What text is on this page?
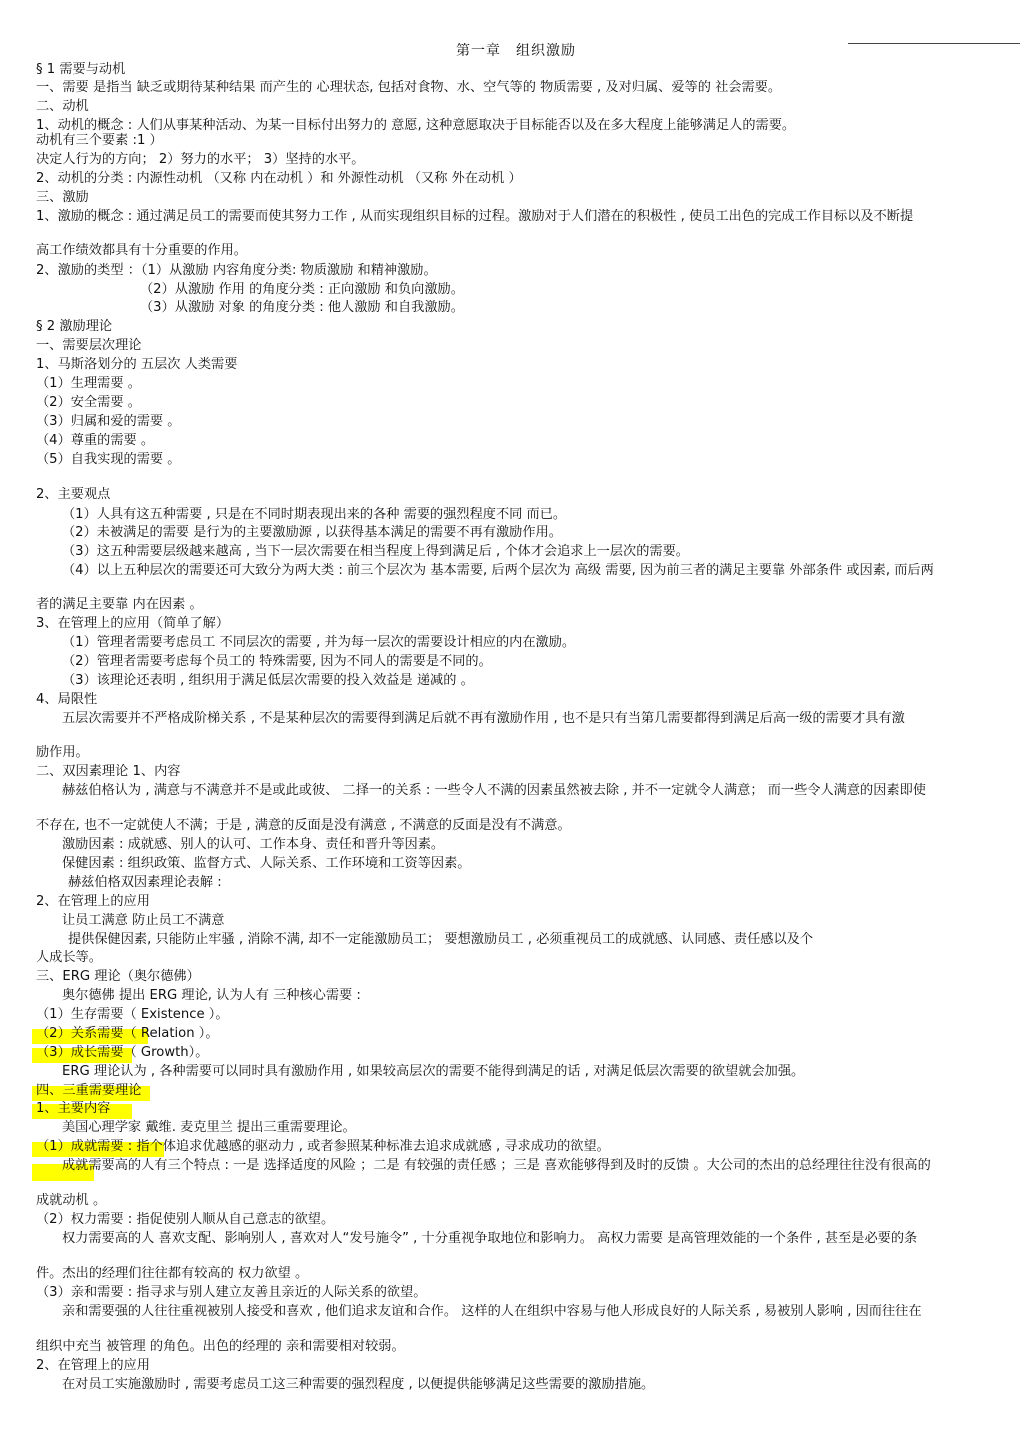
第一章　组织激励
§ 1 需要与动机
一、需要 是指当 缺乏或期待某种结果 而产生的 心理状态, 包括对食物、水、空气等的 物质需要 , 及对归属、爱等的 社会需要。
二、动机
1、动机的概念 : 人们从事某种活动、为某一目标付出努力的 意愿, 这种意愿取决于目标能否以及在多大程度上能够满足人的需要。
动机有三个要素 :1 ）
决定人行为的方向； 2）努力的水平； 3）坚持的水平。
2、动机的分类 : 内源性动机 （又称 内在动机 ）和 外源性动机 （又称 外在动机 ）
三、激励
1、激励的概念 : 通过满足员工的需要而使其努力工作 , 从而实现组织目标的过程。激励对于人们潜在的积极性 , 使员工出色的完成工作目标以及不断提
高工作绩效都具有十分重要的作用。
2、激励的类型 ：（1）从激励 内容角度分类: 物质激励 和精神激励。
（2）从激励 作用 的角度分类 : 正向激励 和负向激励。
（3）从激励 对象 的角度分类 : 他人激励 和自我激励。
§ 2 激励理论
一、需要层次理论
1、马斯洛划分的 五层次 人类需要
（1）生理需要 。
（2）安全需要 。
（3）归属和爱的需要 。
（4）尊重的需要 。
（5）自我实现的需要 。
2、主要观点
（1）人具有这五种需要 , 只是在不同时期表现出来的各种 需要的强烈程度不同 而已。
（2）未被满足的需要 是行为的主要激励源 , 以获得基本满足的需要不再有激励作用。
（3）这五种需要层级越来越高 , 当下一层次需要在相当程度上得到满足后 , 个体才会追求上一层次的需要。
（4）以上五种层次的需要还可大致分为两大类 : 前三个层次为 基本需要, 后两个层次为 高级 需要, 因为前三者的满足主要靠 外部条件 或因素, 而后两
者的满足主要靠 内在因素 。
3、在管理上的应用（简单了解）
（1）管理者需要考虑员工 不同层次的需要 , 并为每一层次的需要设计相应的内在激励。
（2）管理者需要考虑每个员工的 特殊需要, 因为不同人的需要是不同的。
（3）该理论还表明 , 组织用于满足低层次需要的投入效益是 递减的 。
4、局限性
五层次需要并不严格成阶梯关系 , 不是某种层次的需要得到满足后就不再有激励作用 , 也不是只有当第几需要都得到满足后高一级的需要才具有激
励作用。
二、双因素理论 1、内容
赫兹伯格认为 , 满意与不满意并不是或此或彼、 二择一的关系 : 一些令人不满的因素虽然被去除 , 并不一定就令人满意； 而一些令人满意的因素即使
不存在, 也不一定就使人不满；于是 , 满意的反面是没有满意 , 不满意的反面是没有不满意。
激励因素 : 成就感、别人的认可、工作本身、责任和晋升等因素。
保健因素 : 组织政策、监督方式、人际关系、工作环境和工资等因素。
赫兹伯格双因素理论表解 :
2、在管理上的应用
让员工满意 防止员工不满意
提供保健因素, 只能防止牢骚 , 消除不满, 却不一定能激励员工； 要想激励员工 , 必须重视员工的成就感、认同感、责任感以及个
人成长等。
三、ERG 理论（奥尔德佛）
奥尔德佛 提出 ERG 理论, 认为人有 三种核心需要 :
（1）生存需要（ Existence ）。
（2）关系需要（ Relation ）。
（3）成长需要（ Growth）。
ERG 理论认为 , 各种需要可以同时具有激励作用 , 如果较高层次的需要不能得到满足的话 , 对满足低层次需要的欲望就会加强。
四、三重需要理论
1、主要内容
美国心理学家 戴维. 麦克里兰 提出三重需要理论。
（1）成就需要 : 指个体追求优越感的驱动力 , 或者参照某种标准去追求成就感 , 寻求成功的欲望。
成就需要高的人有三个特点 : 一是 选择适度的风险 ；二是 有较强的责任感 ；三是 喜欢能够得到及时的反馈 。大公司的杰出的总经理往往没有很高的
成就动机 。
（2）权力需要 : 指促使别人顺从自己意志的欲望。
权力需要高的人 喜欢支配、影响别人 , 喜欢对人“发号施令” , 十分重视争取地位和影响力。 高权力需要 是高管理效能的一个条件 , 甚至是必要的条
件。杰出的经理们往往都有较高的 权力欲望 。
（3）亲和需要 : 指寻求与别人建立友善且亲近的人际关系的欲望。
亲和需要强的人往往重视被别人接受和喜欢 , 他们追求友谊和合作。 这样的人在组织中容易与他人形成良好的人际关系 , 易被别人影响 , 因而往往在
组织中充当 被管理 的角色。出色的经理的 亲和需要相对较弱。
2、在管理上的应用
在对员工实施激励时 , 需要考虑员工这三种需要的强烈程度 , 以便提供能够满足这些需要的激励措施。
